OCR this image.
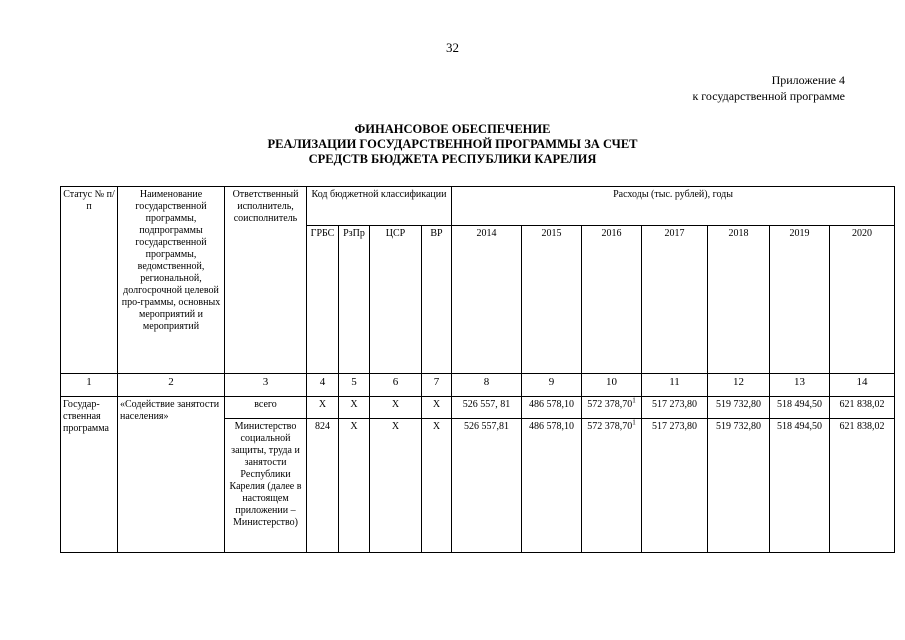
32
Приложение 4
к государственной программе
ФИНАНСОВОЕ ОБЕСПЕЧЕНИЕ
РЕАЛИЗАЦИИ ГОСУДАРСТВЕННОЙ ПРОГРАММЫ ЗА СЧЕТ
СРЕДСТВ БЮДЖЕТА РЕСПУБЛИКИ КАРЕЛИЯ
Статус № п/п	Наименование государственной программы, подпрограммы государственной программы, ведомственной, региональной, долгосрочной целевой про-граммы, основных мероприятий и мероприятий	Ответственный исполнитель, соисполнитель	Код бюджетной классификации				Расходы (тыс. рублей), годы						
			ГРБС	РзПр	ЦСР	ВР	2014	2015	2016	2017	2018	2019	2020
1	2	3	4	5	6	7	8	9	10	11	12	13	14
Государ-ственная программа	«Содействие занятости населения»	всего	X	X	X	X	526 557, 81	486 578,10	572 378,70$^1$	517 273,80	519 732,80	518 494,50	621 838,02
		Министерство социальной защиты, труда и занятости Республики Карелия (далее в настоящем приложении – Министерство)	824	X	X	X	526 557,81	486 578,10	572 378,70$^1$	517 273,80	519 732,80	518 494,50	621 838,02
